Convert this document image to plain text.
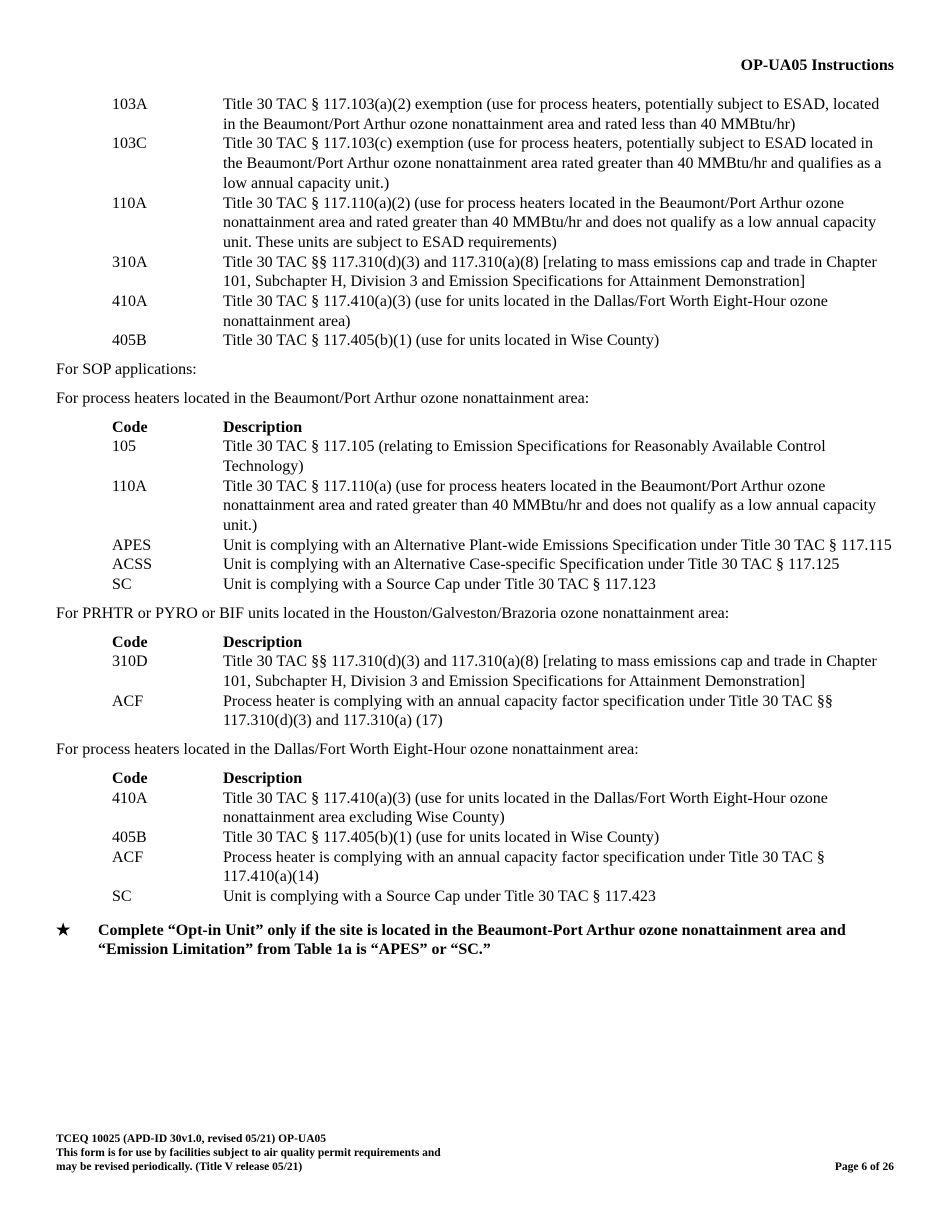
OP-UA05 Instructions
103A	Title 30 TAC § 117.103(a)(2) exemption (use for process heaters, potentially subject to ESAD, located in the Beaumont/Port Arthur ozone nonattainment area and rated less than 40 MMBtu/hr)
103C	Title 30 TAC § 117.103(c) exemption (use for process heaters, potentially subject to ESAD located in the Beaumont/Port Arthur ozone nonattainment area rated greater than 40 MMBtu/hr and qualifies as a low annual capacity unit.)
110A	Title 30 TAC § 117.110(a)(2) (use for process heaters located in the Beaumont/Port Arthur ozone nonattainment area and rated greater than 40 MMBtu/hr and does not qualify as a low annual capacity unit. These units are subject to ESAD requirements)
310A	Title 30 TAC §§ 117.310(d)(3) and 117.310(a)(8) [relating to mass emissions cap and trade in Chapter 101, Subchapter H, Division 3 and Emission Specifications for Attainment Demonstration]
410A	Title 30 TAC § 117.410(a)(3) (use for units located in the Dallas/Fort Worth Eight-Hour ozone nonattainment area)
405B	Title 30 TAC § 117.405(b)(1) (use for units located in Wise County)
For SOP applications:
For process heaters located in the Beaumont/Port Arthur ozone nonattainment area:
Code	Description
105	Title 30 TAC § 117.105 (relating to Emission Specifications for Reasonably Available Control Technology)
110A	Title 30 TAC § 117.110(a) (use for process heaters located in the Beaumont/Port Arthur ozone nonattainment area and rated greater than 40 MMBtu/hr and does not qualify as a low annual capacity unit.)
APES	Unit is complying with an Alternative Plant-wide Emissions Specification under Title 30 TAC § 117.115
ACSS	Unit is complying with an Alternative Case-specific Specification under Title 30 TAC § 117.125
SC	Unit is complying with a Source Cap under Title 30 TAC § 117.123
For PRHTR or PYRO or BIF units located in the Houston/Galveston/Brazoria ozone nonattainment area:
Code	Description
310D	Title 30 TAC §§ 117.310(d)(3) and 117.310(a)(8) [relating to mass emissions cap and trade in Chapter 101, Subchapter H, Division 3 and Emission Specifications for Attainment Demonstration]
ACF	Process heater is complying with an annual capacity factor specification under Title 30 TAC §§ 117.310(d)(3) and 117.310(a) (17)
For process heaters located in the Dallas/Fort Worth Eight-Hour ozone nonattainment area:
Code	Description
410A	Title 30 TAC § 117.410(a)(3) (use for units located in the Dallas/Fort Worth Eight-Hour ozone nonattainment area excluding Wise County)
405B	Title 30 TAC § 117.405(b)(1) (use for units located in Wise County)
ACF	Process heater is complying with an annual capacity factor specification under Title 30 TAC § 117.410(a)(14)
SC	Unit is complying with a Source Cap under Title 30 TAC § 117.423
★	Complete “Opt-in Unit” only if the site is located in the Beaumont-Port Arthur ozone nonattainment area and “Emission Limitation” from Table 1a is “APES” or “SC.”
TCEQ 10025 (APD-ID 30v1.0, revised 05/21) OP-UA05
This form is for use by facilities subject to air quality permit requirements and
may be revised periodically. (Title V release 05/21)	Page 6 of 26
